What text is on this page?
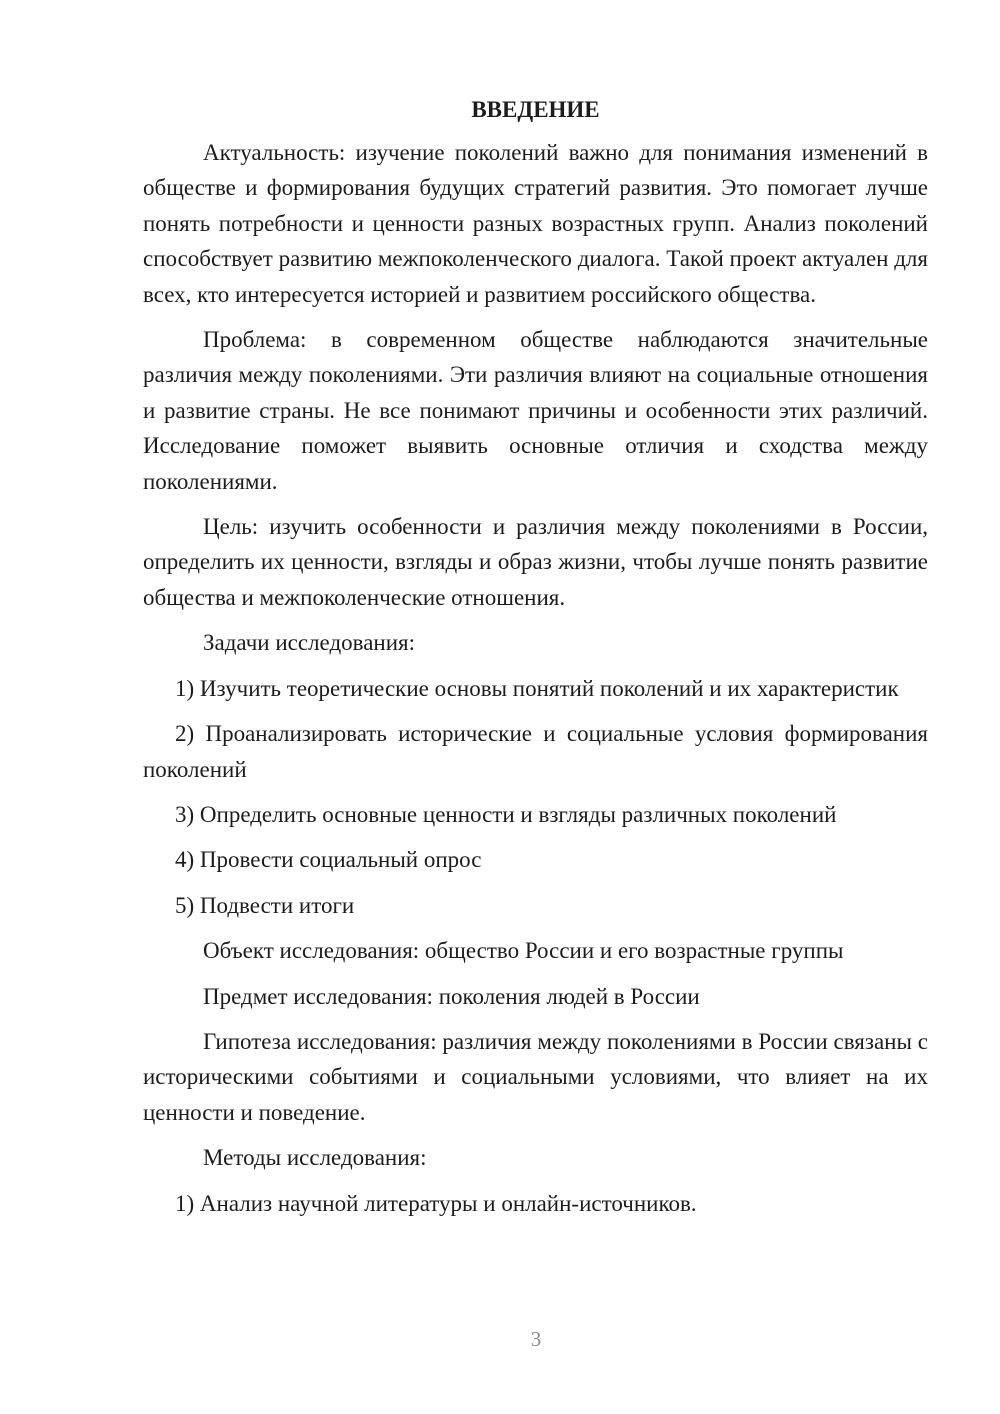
ВВЕДЕНИЕ

Актуальность: изучение поколений важно для понимания изменений в обществе и формирования будущих стратегий развития. Это помогает лучше понять потребности и ценности разных возрастных групп. Анализ поколений способствует развитию межпоколенческого диалога. Такой проект актуален для всех, кто интересуется историей и развитием российского общества.

Проблема: в современном обществе наблюдаются значительные различия между поколениями. Эти различия влияют на социальные отношения и развитие страны. Не все понимают причины и особенности этих различий. Исследование поможет выявить основные отличия и сходства между поколениями.

Цель: изучить особенности и различия между поколениями в России, определить их ценности, взгляды и образ жизни, чтобы лучше понять развитие общества и межпоколенческие отношения.

Задачи исследования:

1) Изучить теоретические основы понятий поколений и их характеристик

2) Проанализировать исторические и социальные условия формирования поколений

3) Определить основные ценности и взгляды различных поколений

4) Провести социальный опрос

5) Подвести итоги

Объект исследования: общество России и его возрастные группы

Предмет исследования: поколения людей в России

Гипотеза исследования: различия между поколениями в России связаны с историческими событиями и социальными условиями, что влияет на их ценности и поведение.

Методы исследования:

1) Анализ научной литературы и онлайн-источников.

3
